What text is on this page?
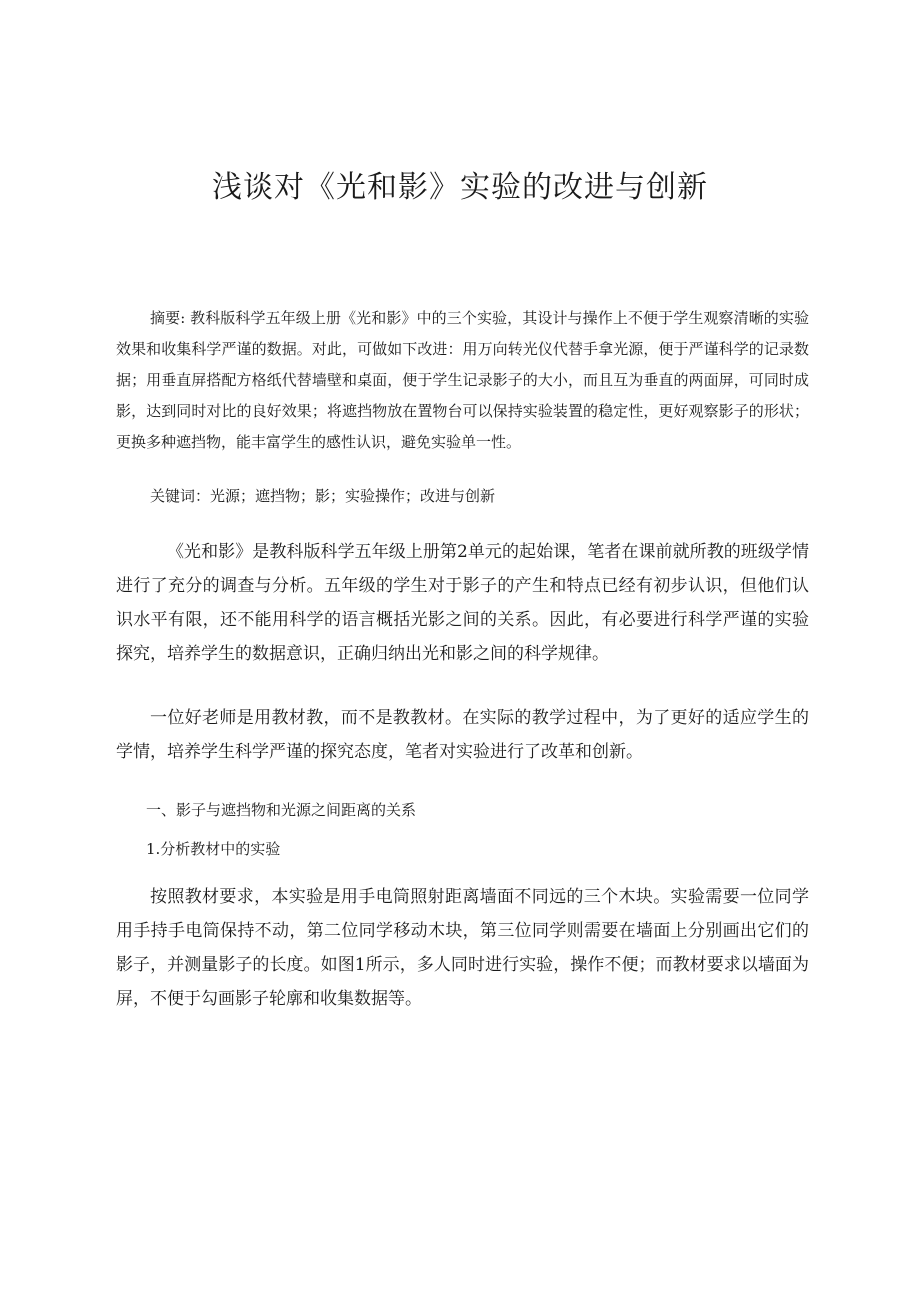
浅谈对《光和影》实验的改进与创新

摘要: 教科版科学五年级上册《光和影》中的三个实验，其设计与操作上不便于学生观察清晰的实验效果和收集科学严谨的数据。对此，可做如下改进：用万向转光仪代替手拿光源，便于严谨科学的记录数据；用垂直屏搭配方格纸代替墙壁和桌面，便于学生记录影子的大小，而且互为垂直的两面屏，可同时成影，达到同时对比的良好效果；将遮挡物放在置物台可以保持实验装置的稳定性，更好观察影子的形状；更换多种遮挡物，能丰富学生的感性认识，避免实验单一性。

关键词：光源；遮挡物；影；实验操作；改进与创新

《光和影》是教科版科学五年级上册第2单元的起始课，笔者在课前就所教的班级学情进行了充分的调查与分析。五年级的学生对于影子的产生和特点已经有初步认识，但他们认识水平有限，还不能用科学的语言概括光影之间的关系。因此，有必要进行科学严谨的实验探究，培养学生的数据意识，正确归纳出光和影之间的科学规律。

一位好老师是用教材教，而不是教教材。在实际的教学过程中，为了更好的适应学生的学情，培养学生科学严谨的探究态度，笔者对实验进行了改革和创新。

一、影子与遮挡物和光源之间距离的关系

1.分析教材中的实验

按照教材要求，本实验是用手电筒照射距离墙面不同远的三个木块。实验需要一位同学用手持手电筒保持不动，第二位同学移动木块，第三位同学则需要在墙面上分别画出它们的影子，并测量影子的长度。如图1所示，多人同时进行实验，操作不便；而教材要求以墙面为屏，不便于勾画影子轮廓和收集数据等。
